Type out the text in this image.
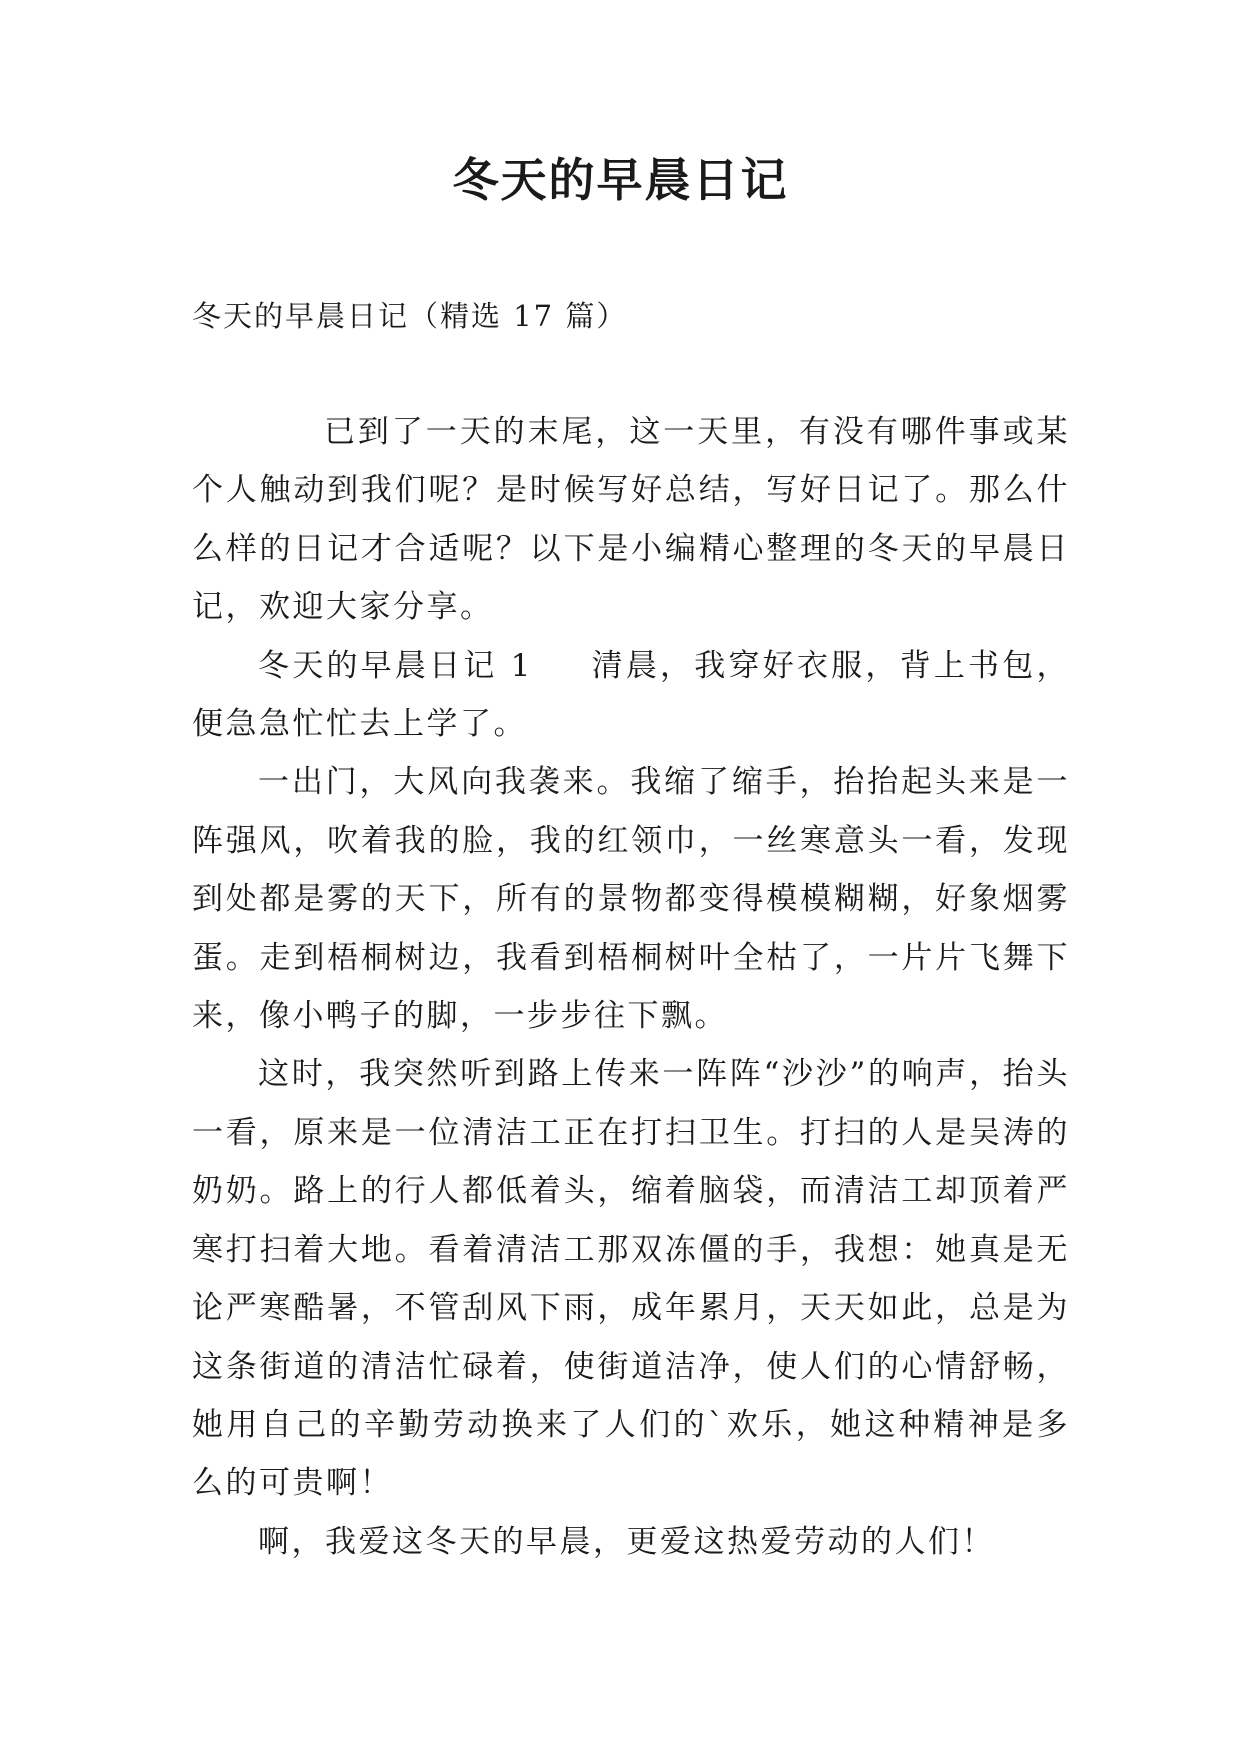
冬天的早晨日记

冬天的早晨日记（精选 17 篇）

已到了一天的末尾，这一天里，有没有哪件事或某个人触动到我们呢？是时候写好总结，写好日记了。那么什么样的日记才合适呢？以下是小编精心整理的冬天的早晨日记，欢迎大家分享。

冬天的早晨日记 1 清晨，我穿好衣服，背上书包，便急急忙忙去上学了。

一出门，大风向我袭来。我缩了缩手，抬抬起头来是一阵强风，吹着我的脸，我的红领巾，一丝寒意头一看，发现到处都是雾的天下，所有的景物都变得模模糊糊，好象烟雾蛋。走到梧桐树边，我看到梧桐树叶全枯了，一片片飞舞下来，像小鸭子的脚，一步步往下飘。

这时，我突然听到路上传来一阵阵“沙沙”的响声，抬头一看，原来是一位清洁工正在打扫卫生。打扫的人是吴涛的奶奶。路上的行人都低着头，缩着脑袋，而清洁工却顶着严寒打扫着大地。看着清洁工那双冻僵的手，我想：她真是无论严寒酷暑，不管刮风下雨，成年累月，天天如此，总是为这条街道的清洁忙碌着，使街道洁净，使人们的心情舒畅，她用自己的辛勤劳动换来了人们的`欢乐，她这种精神是多么的可贵啊！

啊，我爱这冬天的早晨，更爱这热爱劳动的人们！
